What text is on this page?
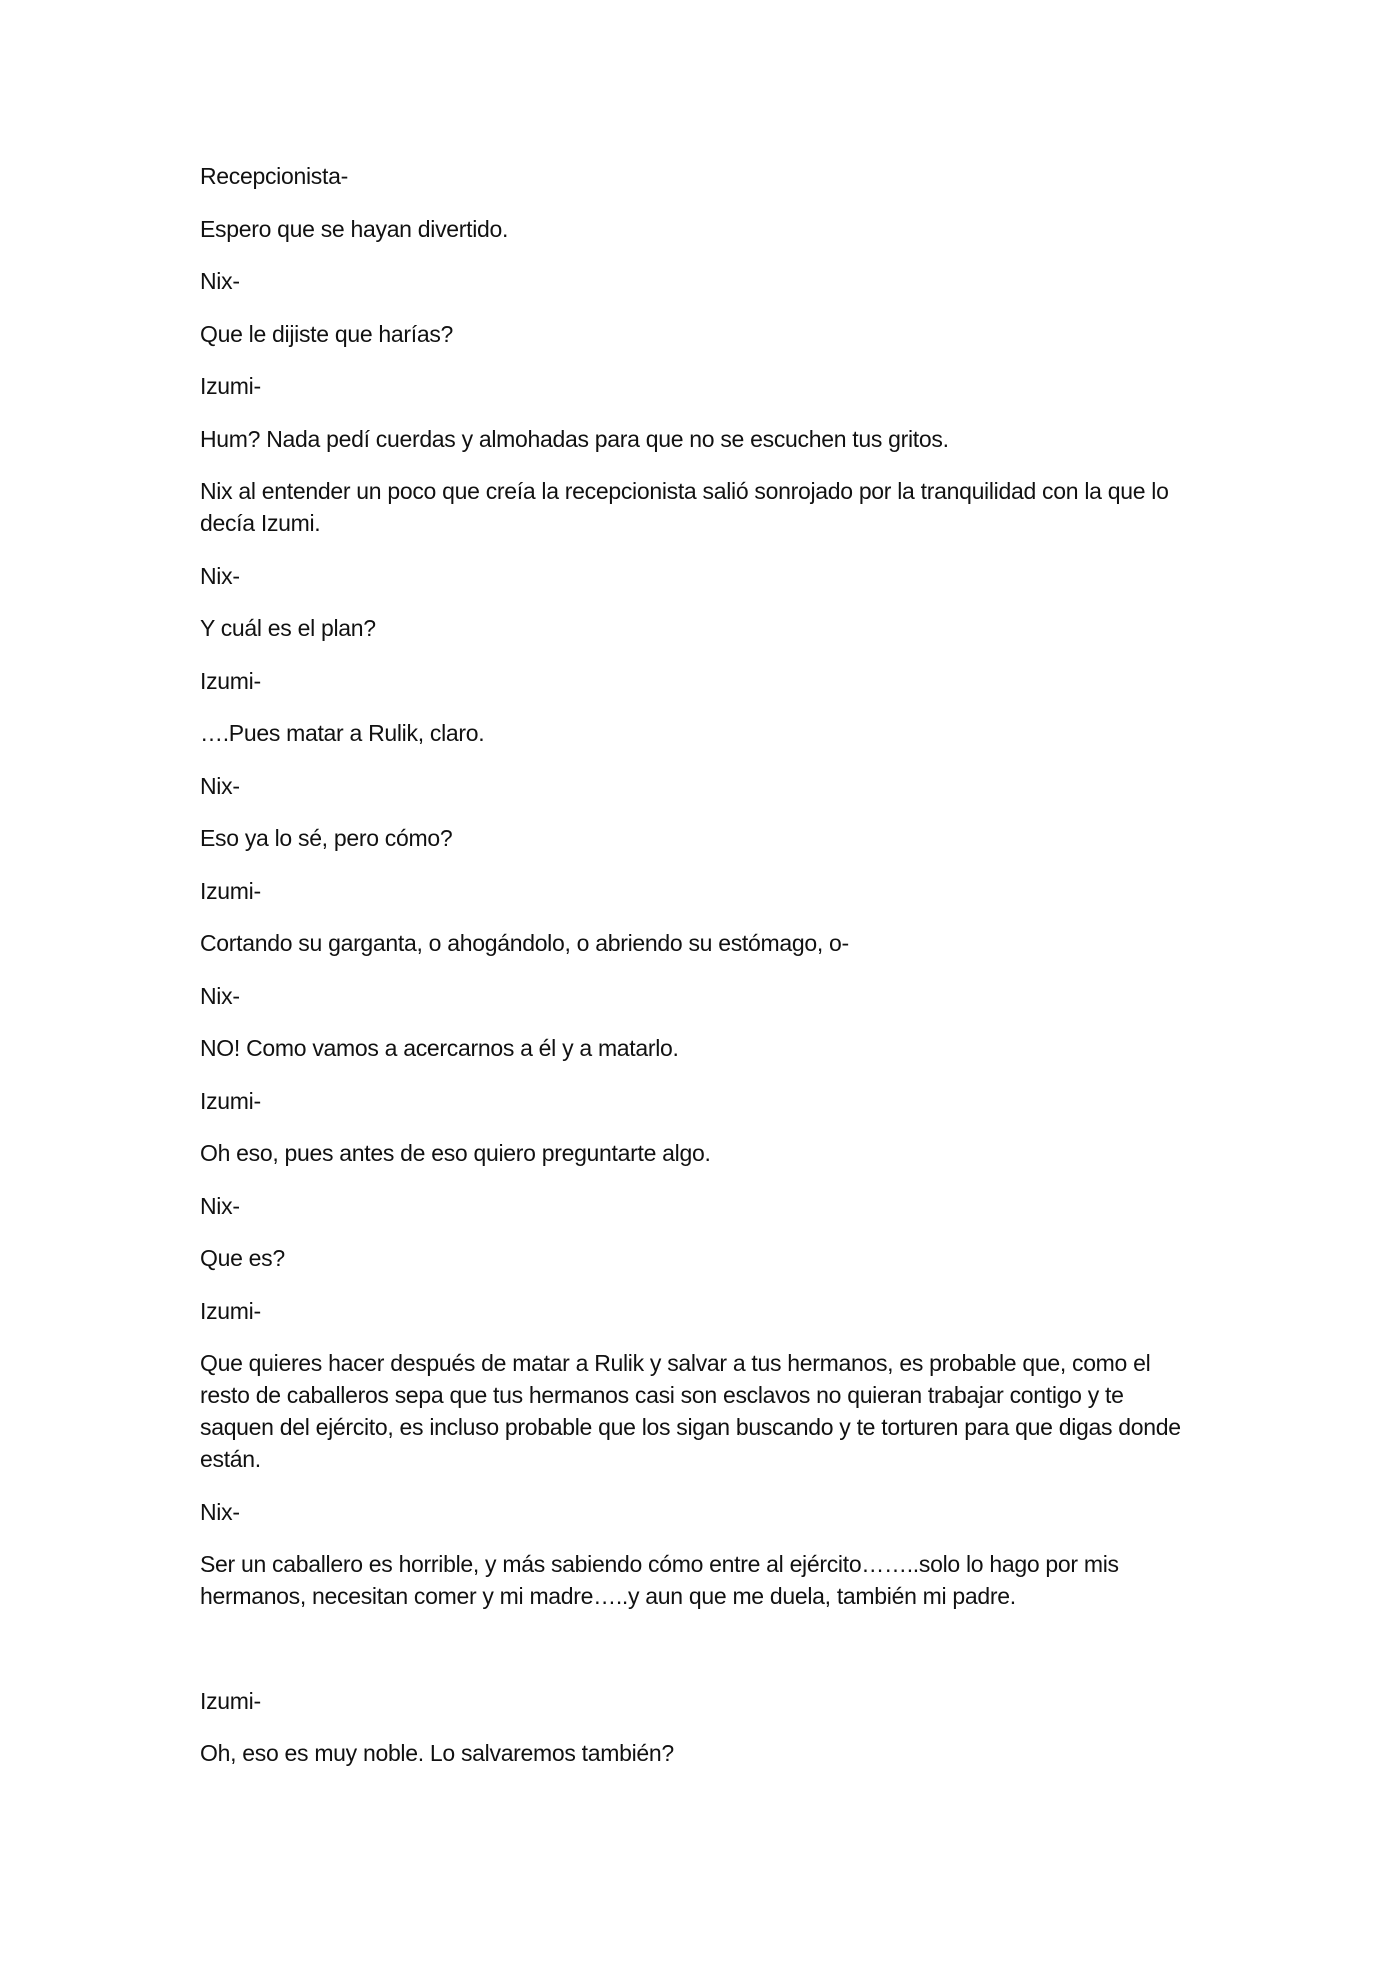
Recepcionista-

Espero que se hayan divertido.

Nix-

Que le dijiste que harías?

Izumi-

Hum? Nada pedí cuerdas y almohadas para que no se escuchen tus gritos.

Nix al entender un poco que creía la recepcionista salió sonrojado por la tranquilidad con la que lo decía Izumi.

Nix-

Y cuál es el plan?

Izumi-

….Pues matar a Rulik, claro.

Nix-

Eso ya lo sé, pero cómo?

Izumi-

Cortando su garganta, o ahogándolo, o abriendo su estómago, o-

Nix-

NO! Como vamos a acercarnos a él y a matarlo.

Izumi-

Oh eso, pues antes de eso quiero preguntarte algo.

Nix-

Que es?

Izumi-

Que quieres hacer después de matar a Rulik y salvar a tus hermanos, es probable que, como el resto de caballeros sepa que tus hermanos casi son esclavos no quieran trabajar contigo y te saquen del ejército, es incluso probable que los sigan buscando y te torturen para que digas donde están.

Nix-

Ser un caballero es horrible, y más sabiendo cómo entre al ejército……..solo lo hago por mis hermanos, necesitan comer y mi madre…..y aun que me duela, también mi padre.

Izumi-

Oh, eso es muy noble. Lo salvaremos también?
